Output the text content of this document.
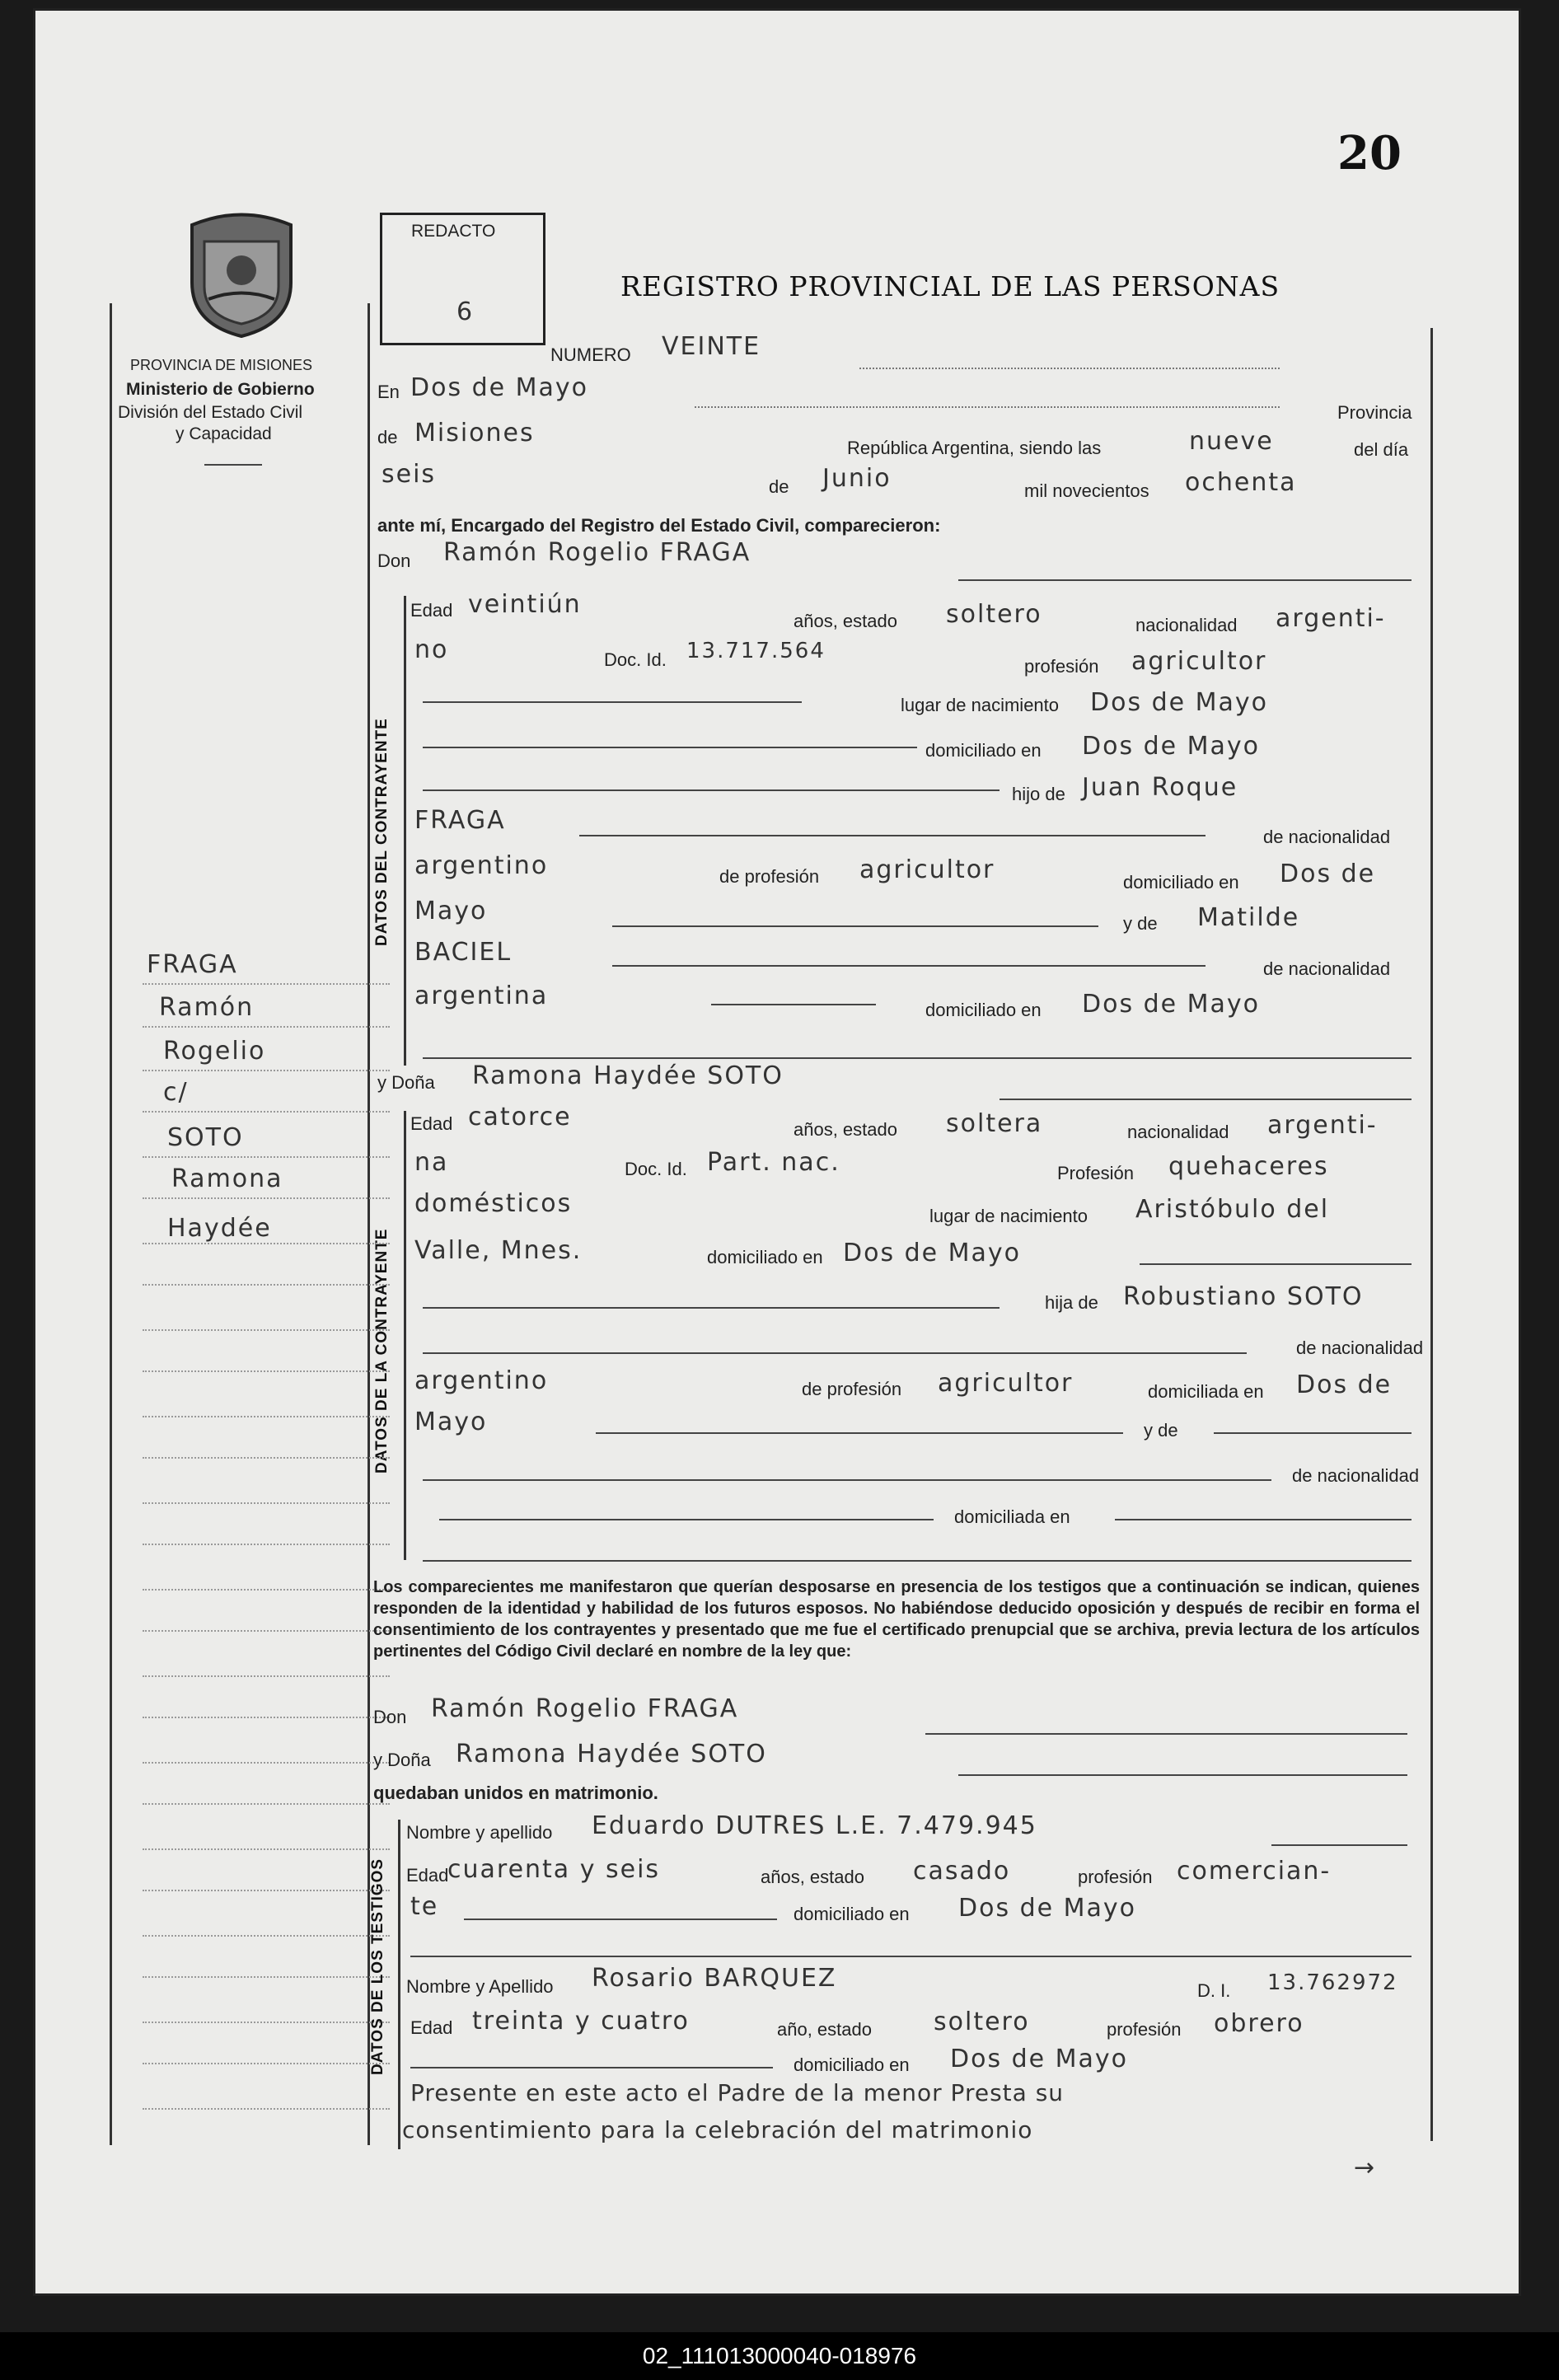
20
PROVINCIA DE MISIONES
Ministerio de Gobierno
División del Estado Civil
y Capacidad
REDACTO
6
REGISTRO PROVINCIAL DE LAS PERSONAS
NUMERO VEINTE
En Dos de Mayo
Provincia
de Misiones
República Argentina, siendo las	nueve	del día
seis	de Junio	mil novecientos ochenta
ante mí, Encargado del Registro del Estado Civil, comparecieron:
Don Ramón Rogelio FRAGA
DATOS DEL CONTRAYENTE
Edad veintiún
años, estado soltero	nacionalidad argenti-
no	Doc. Id. 13.717.564
profesión agricultor
lugar de nacimiento Dos de Mayo
domiciliado en Dos de Mayo
hijo de Juan Roque
FRAGA
de nacionalidad
argentino	de profesión agricultor	domiciliado en Dos de
Mayo	y de Matilde
BACIEL
de nacionalidad
argentina	domiciliado en Dos de Mayo
y Doña Ramona Haydée SOTO
DATOS DE LA CONTRAYENTE
Edad catorce	años, estado soltera	nacionalidad argenti-
na	Doc. Id. Part. nac.	Profesión quehaceres
domésticos	lugar de nacimiento Aristóbulo del
Valle, Mnes.	domiciliado en Dos de Mayo
hija de Robustiano SOTO
de nacionalidad
argentino	de profesión agricultor	domiciliada en Dos de
Mayo	y de
de nacionalidad
domiciliada en
FRAGA
Ramón
Rogelio
c/
SOTO
Ramona
Haydée
Los comparecientes me manifestaron que querían desposarse en presencia de los testigos que a continuación se indican, quienes responden de la identidad y habilidad de los futuros esposos. No habiéndose deducido oposición y después de recibir en forma el consentimiento de los contrayentes y presentado que me fue el certificado prenupcial que se archiva, previa lectura de los artículos pertinentes del Código Civil declaré en nombre de la ley que:
Don Ramón Rogelio FRAGA
y Doña Ramona Haydée SOTO
quedaban unidos en matrimonio.
DATOS DE LOS TESTIGOS
Nombre y apellido Eduardo DUTRES L.E. 7.479.945
Edad
cuarenta y seis	años, estado casado	profesión comercian-
te	domiciliado en Dos de Mayo
Nombre y Apellido Rosario BARQUEZ	D. I. 13.762972
Edad treinta y cuatro	año, estado	soltero	profesión obrero
domiciliado en Dos de Mayo
Presente en este acto el Padre de la menor Presta su
consentimiento para la celebración del matrimonio
→
02_111013000040-018976
